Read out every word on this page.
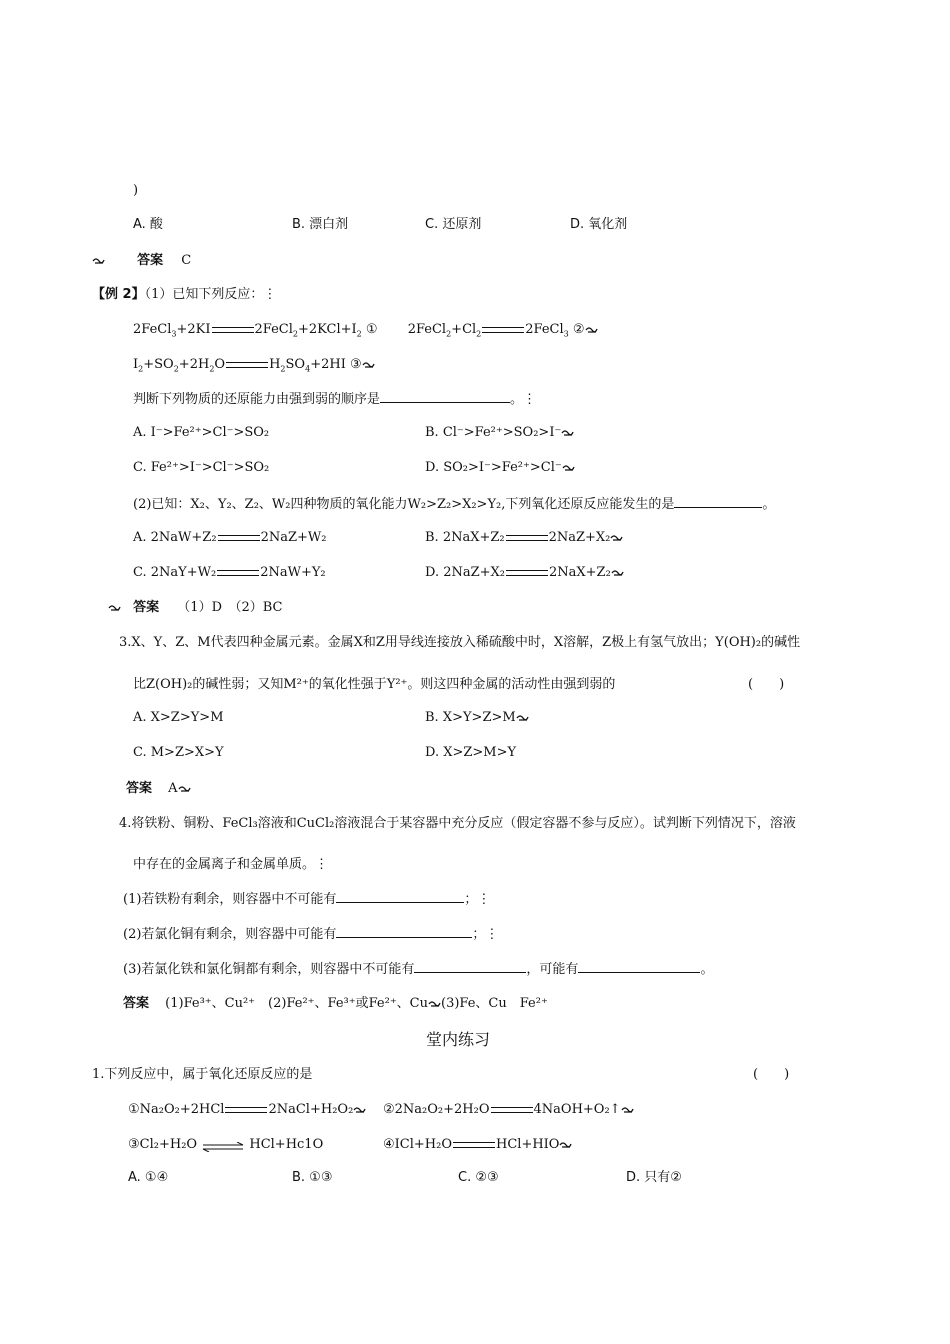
)
A. 酸	B. 漂白剂	C. 还原剂	D. 氧化剂
答案 C
【例 2】（1）已知下列反应：⋮
2FeCl$_3$+2KI	$2FeCl_2+2KCl+I_2$ ① $2FeCl_2+Cl_2$	2FeCl$_3$ ②
$I_2+SO_2+2H_2O$	$H_2SO_4+2HI$ ③
判断下列物质的还原能力由强到弱的顺序是	。⋮
A. I⁻>Fe²⁺>Cl⁻>SO₂	B. Cl⁻>Fe²⁺>SO₂>I⁻
C. Fe²⁺>I⁻>Cl⁻>SO₂	D. SO₂>I⁻>Fe²⁺>Cl⁻
(2)已知：X₂、Y₂、Z₂、W₂四种物质的氧化能力W₂>Z₂>X₂>Y₂,下列氧化还原反应能发生的是	。
A. 2NaW+Z₂	2NaZ+W₂	B. 2NaX+Z₂	2NaZ+X₂
C. 2NaY+W₂	2NaW+Y₂	D. 2NaZ+X₂	2NaX+Z₂
答案 （1）D　（2）BC
3.X、Y、Z、M代表四种金属元素。金属X和Z用导线连接放入稀硫酸中时，X溶解，Z极上有氢气放出；Y(OH)₂的碱性
比Z(OH)₂的碱性弱；又知M²⁺的氧化性强于Y²⁺。则这四种金属的活动性由强到弱的	(　　)
A. X>Z>Y>M	B. X>Y>Z>M
C. M>Z>X>Y	D. X>Z>M>Y
答案 A
4.将铁粉、铜粉、FeCl₃溶液和CuCl₂溶液混合于某容器中充分反应（假定容器不参与反应）。试判断下列情况下，溶液
中存在的金属离子和金属单质。⋮
(1)若铁粉有剩余，则容器中不可能有	；⋮
(2)若氯化铜有剩余，则容器中可能有	；⋮
(3)若氯化铁和氯化铜都有剩余，则容器中不可能有	，可能有	。
答案 (1)Fe³⁺、Cu²⁺　(2)Fe²⁺、Fe³⁺或Fe²⁺、Cu (3)Fe、Cu　Fe²⁺
堂内练习
1.下列反应中，属于氧化还原反应的是	(　　)
①Na₂O₂+2HCl	2NaCl+H₂O₂	②2Na₂O₂+2H₂O	4NaOH+O₂↑
③Cl₂+H₂O ⇌ HCl+Hc1O	④ICl+H₂O	HCl+HIO
A. ①④	B. ①③	C. ②③	D. 只有②
